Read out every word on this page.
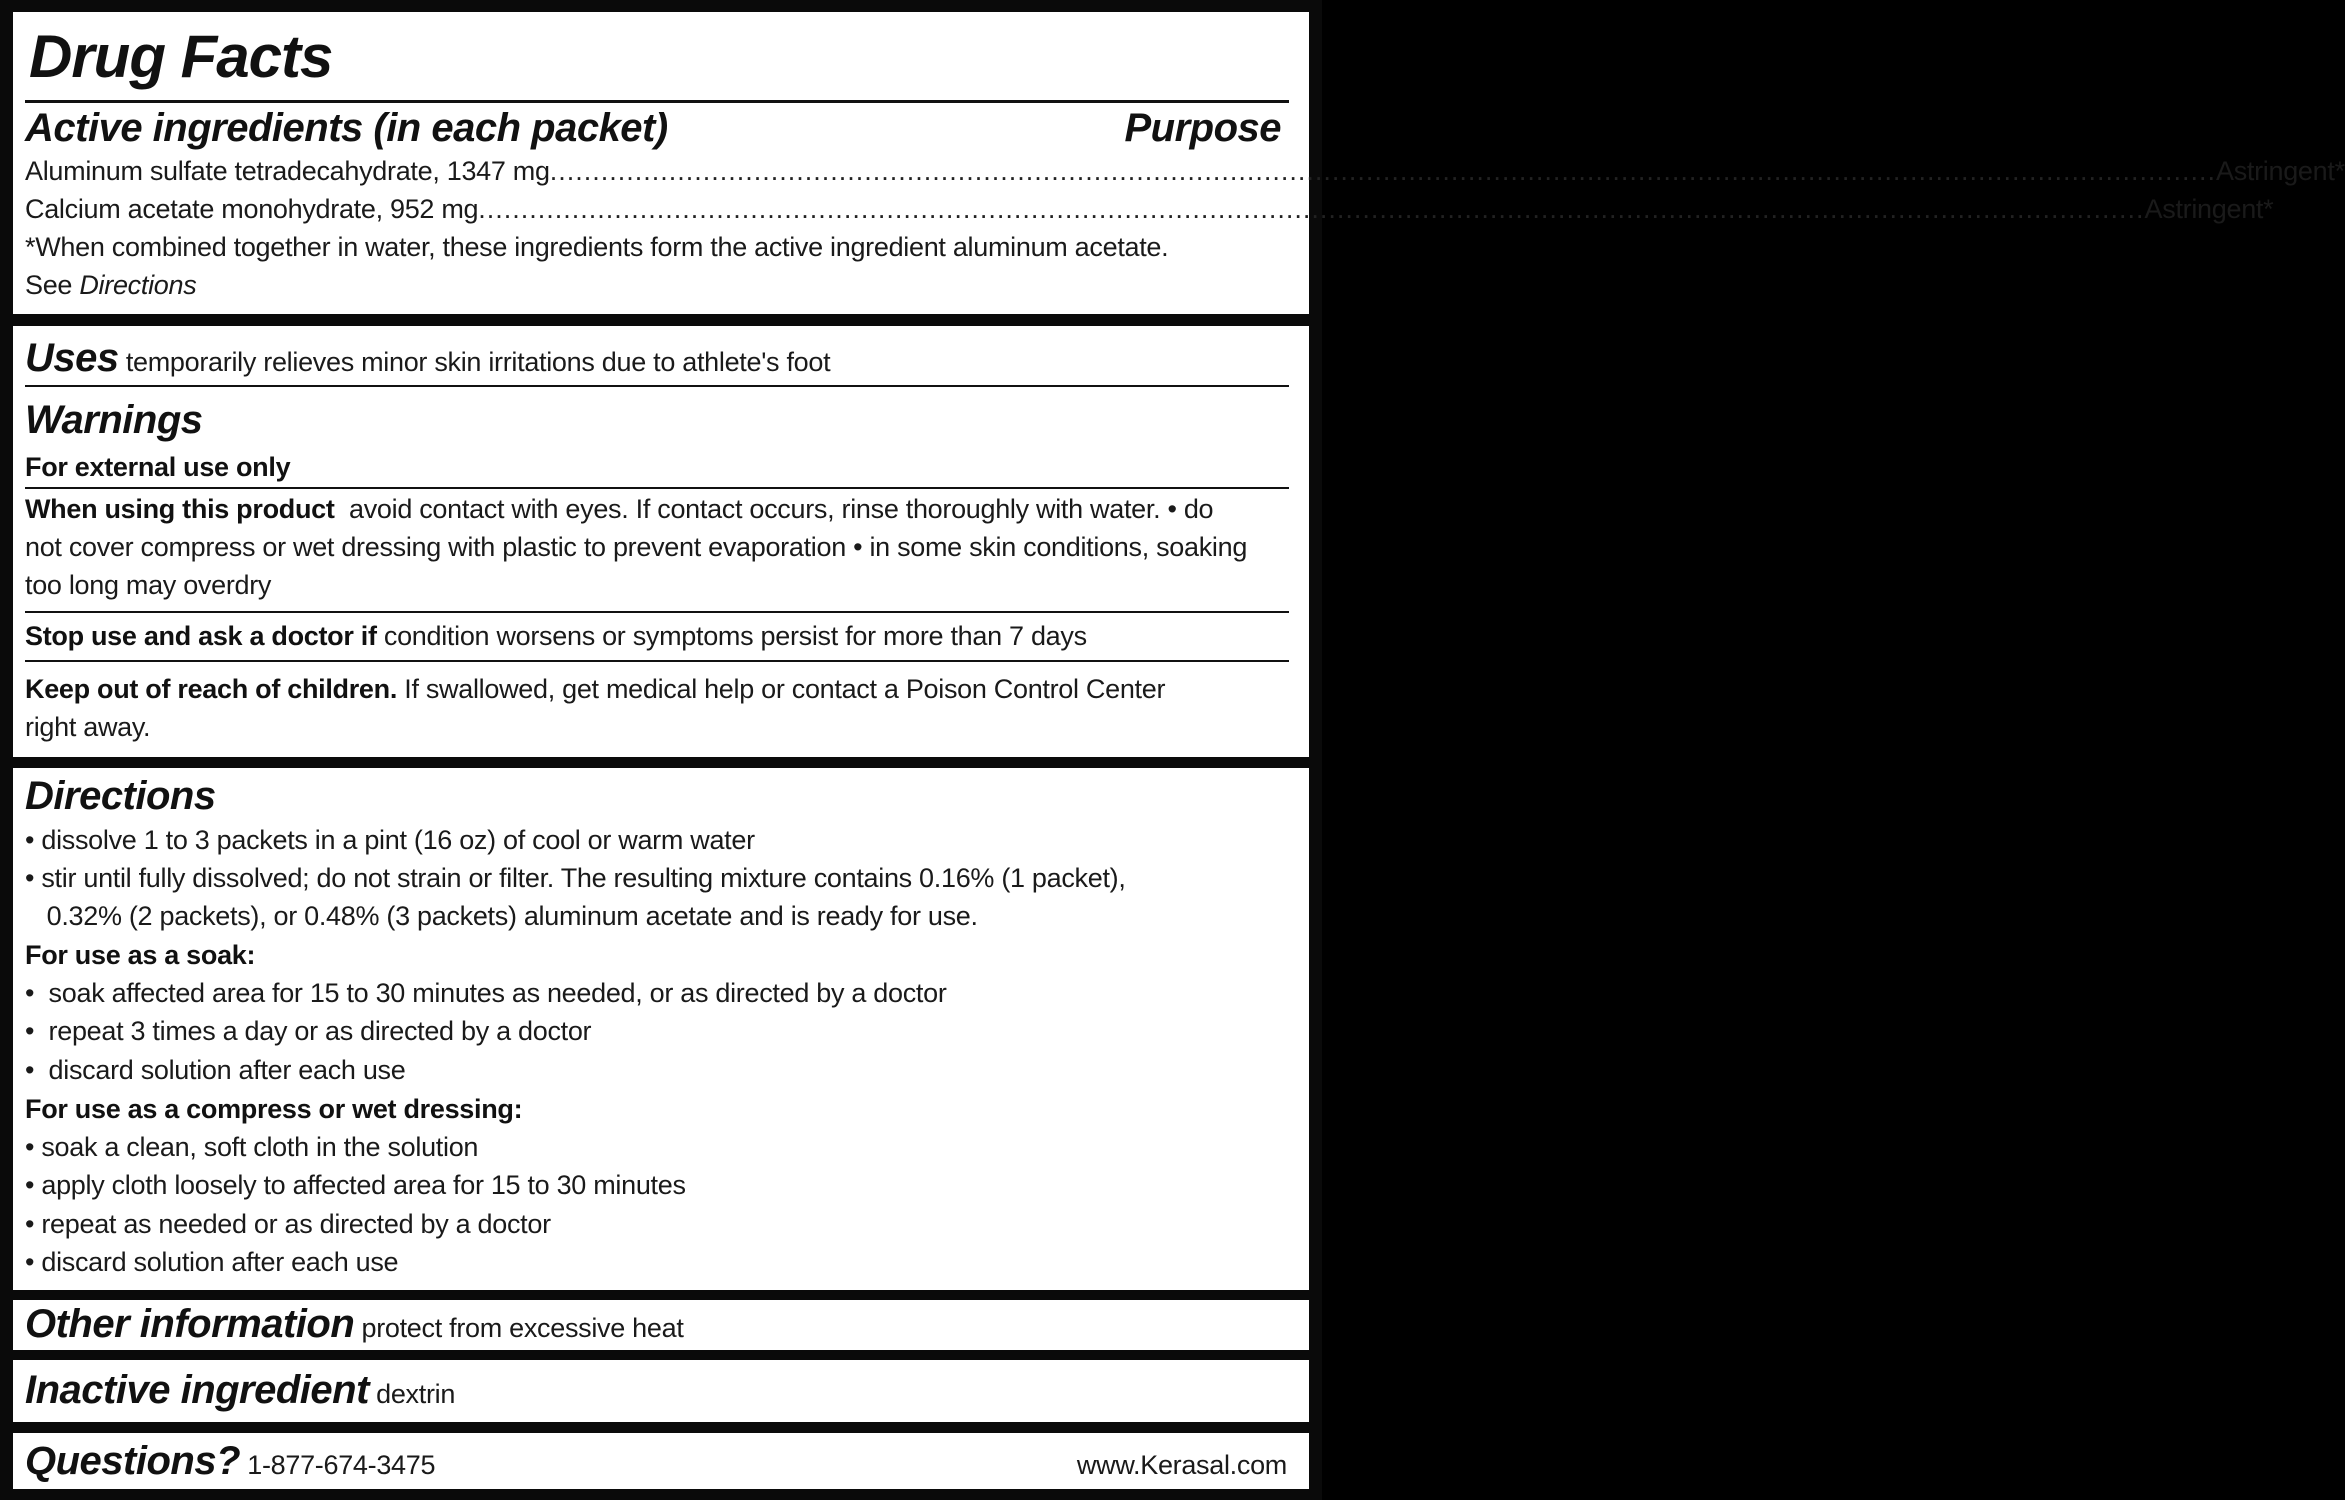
Drug Facts
Active ingredients (in each packet)	Purpose
Aluminum sulfate tetradecahydrate, 1347 mg .................................................................................................................................................................................................... Astringent*
Calcium acetate monohydrate, 952 mg .................................................................................................................................................................................................... Astringent*
*When combined together in water, these ingredients form the active ingredient aluminum acetate.
See Directions
Uses temporarily relieves minor skin irritations due to athlete's foot
Warnings
For external use only
When using this product avoid contact with eyes. If contact occurs, rinse thoroughly with water. • do
not cover compress or wet dressing with plastic to prevent evaporation • in some skin conditions, soaking
too long may overdry
Stop use and ask a doctor if condition worsens or symptoms persist for more than 7 days
Keep out of reach of children. If swallowed, get medical help or contact a Poison Control Center
right away.
Directions
• dissolve 1 to 3 packets in a pint (16 oz) of cool or warm water
• stir until fully dissolved; do not strain or filter. The resulting mixture contains 0.16% (1 packet),
0.32% (2 packets), or 0.48% (3 packets) aluminum acetate and is ready for use.
For use as a soak:
•  soak affected area for 15 to 30 minutes as needed, or as directed by a doctor
•  repeat 3 times a day or as directed by a doctor
•  discard solution after each use
For use as a compress or wet dressing:
• soak a clean, soft cloth in the solution
• apply cloth loosely to affected area for 15 to 30 minutes
• repeat as needed or as directed by a doctor
• discard solution after each use
Other information protect from excessive heat
Inactive ingredient dextrin
Questions? 1-877-674-3475	www.Kerasal.com
